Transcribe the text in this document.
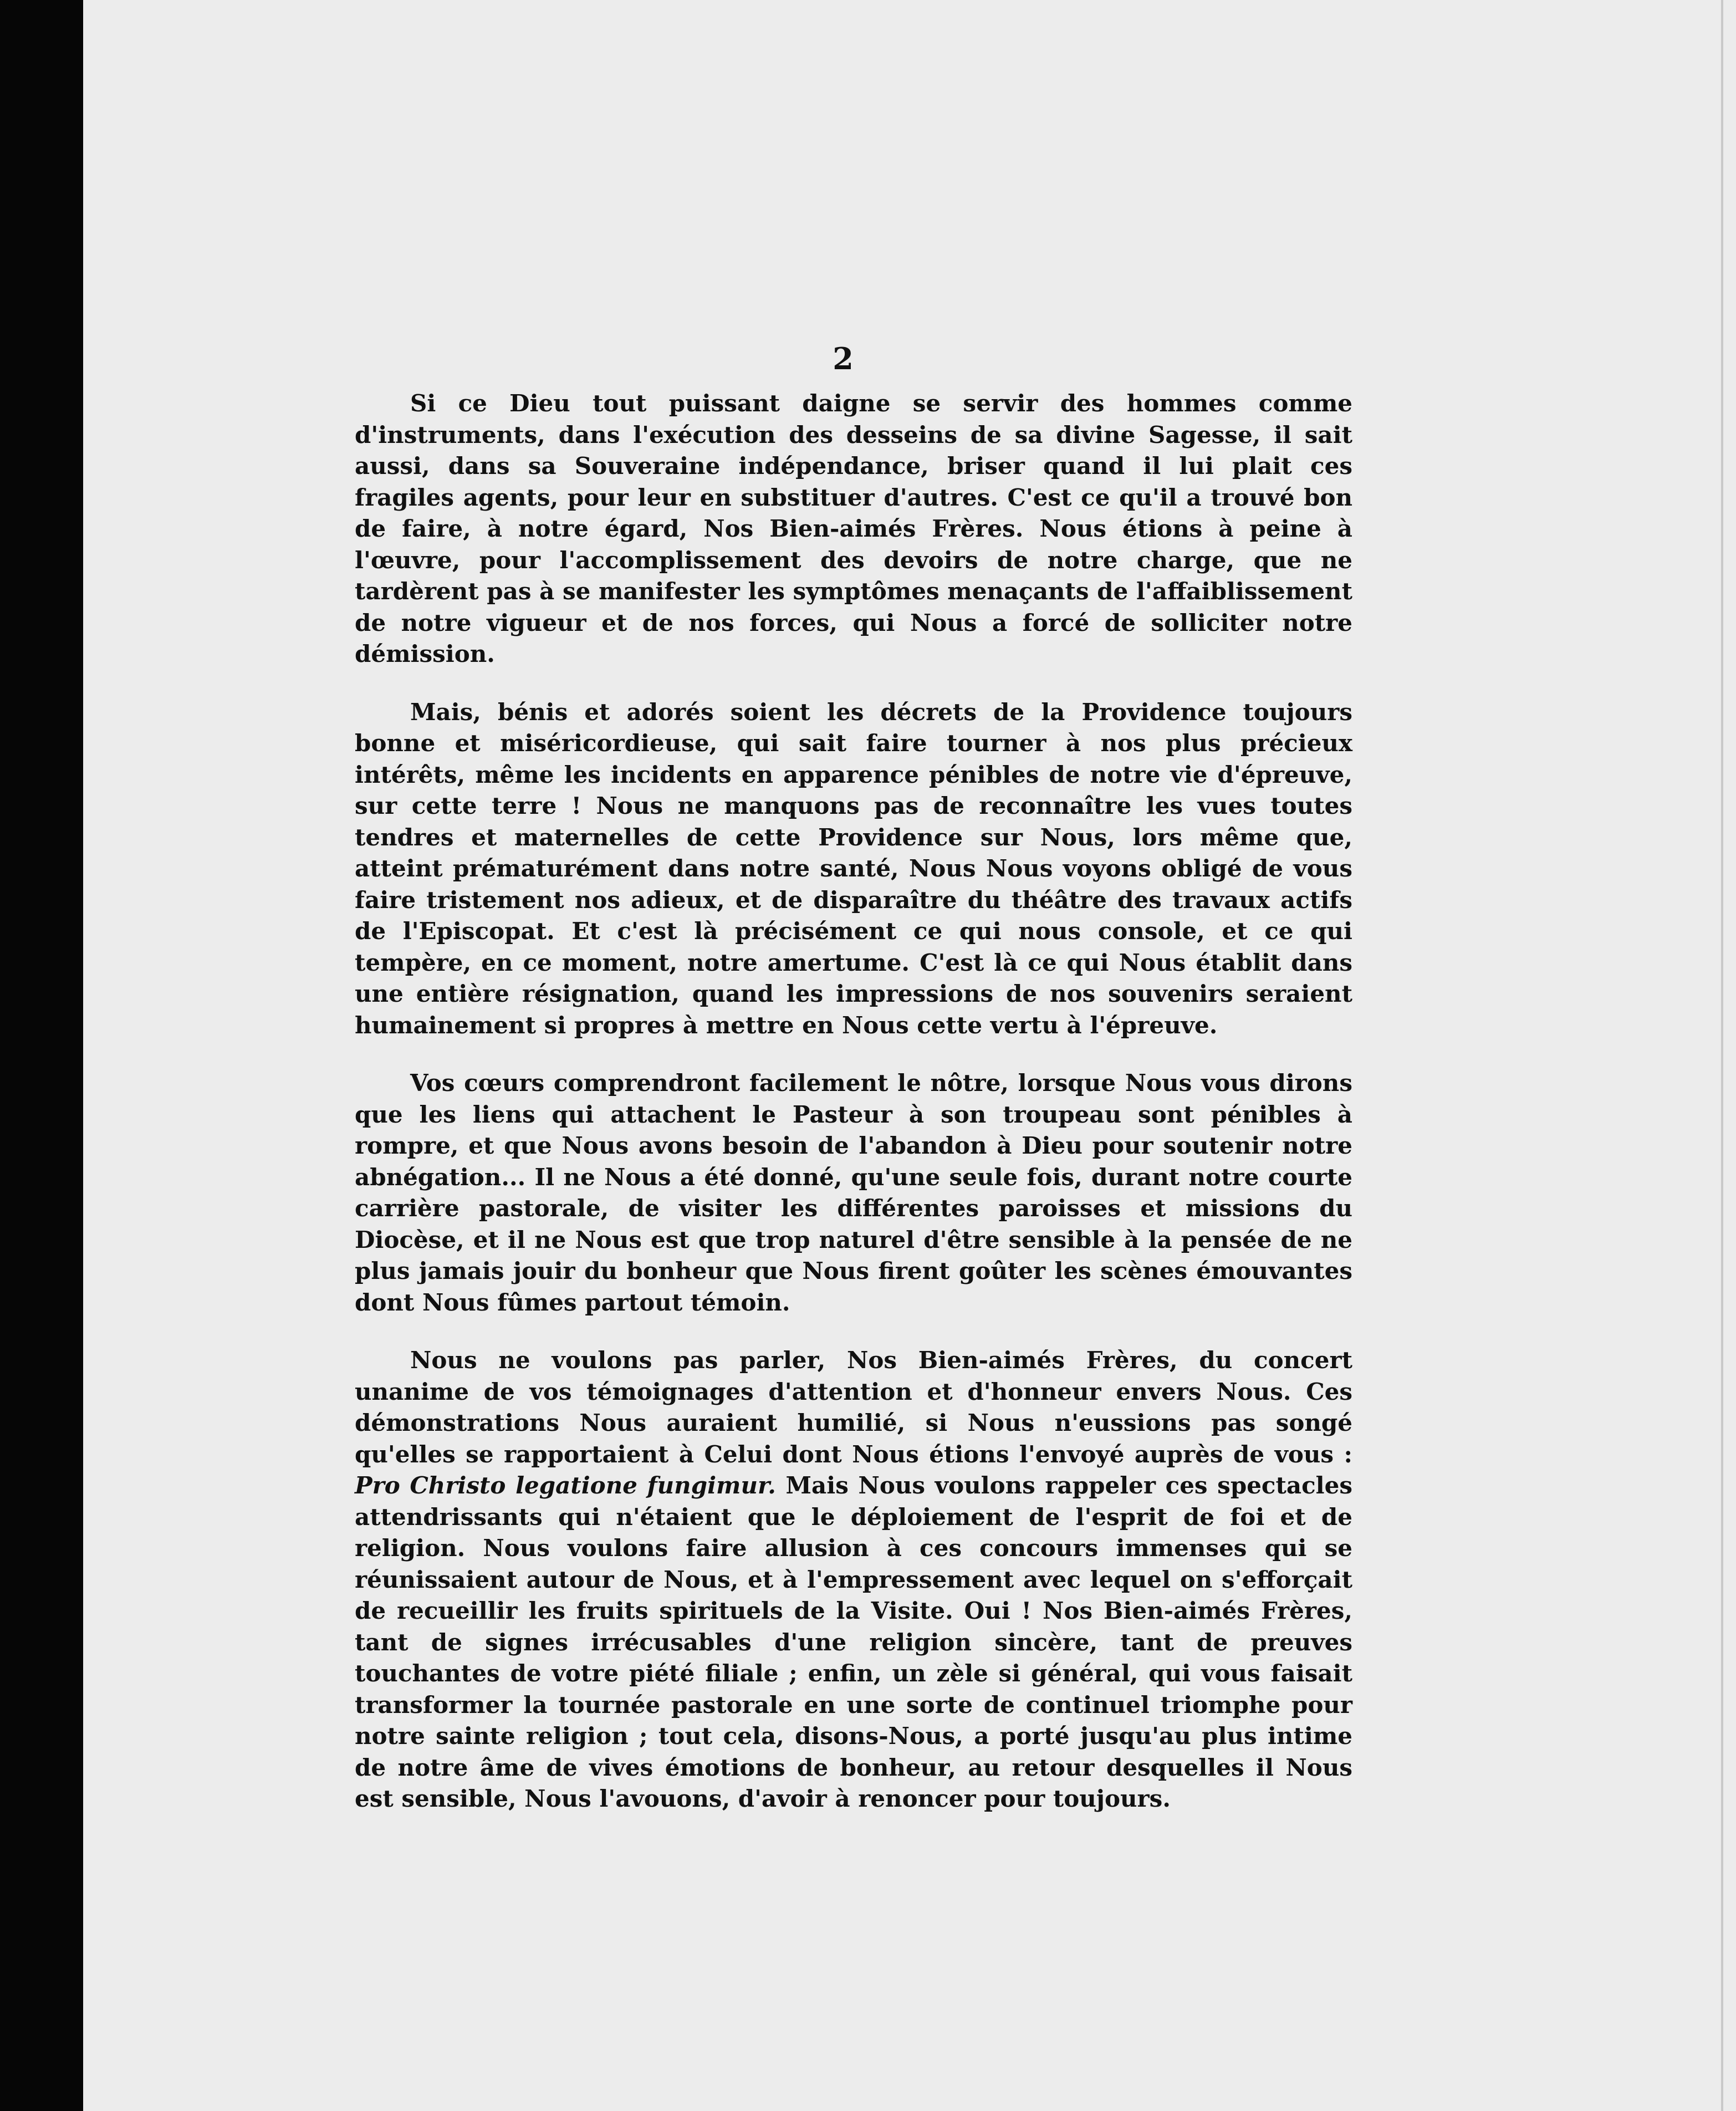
2

Si ce Dieu tout puissant daigne se servir des hommes comme d'instruments, dans l'exécution des desseins de sa divine Sagesse, il sait aussi, dans sa Souveraine indépendance, briser quand il lui plait ces fragiles agents, pour leur en substituer d'autres. C'est ce qu'il a trouvé bon de faire, à notre égard, Nos Bien-aimés Frères. Nous étions à peine à l'œuvre, pour l'accomplissement des devoirs de notre charge, que ne tardèrent pas à se manifester les symptômes menaçants de l'affaiblissement de notre vigueur et de nos forces, qui Nous a forcé de solliciter notre démission.

Mais, bénis et adorés soient les décrets de la Providence toujours bonne et miséricordieuse, qui sait faire tourner à nos plus précieux intérêts, même les incidents en apparence pénibles de notre vie d'épreuve, sur cette terre ! Nous ne manquons pas de reconnaître les vues toutes tendres et maternelles de cette Providence sur Nous, lors même que, atteint prématurément dans notre santé, Nous Nous voyons obligé de vous faire tristement nos adieux, et de disparaître du théâtre des travaux actifs de l'Episcopat. Et c'est là précisément ce qui nous console, et ce qui tempère, en ce moment, notre amertume. C'est là ce qui Nous établit dans une entière résignation, quand les impressions de nos souvenirs seraient humainement si propres à mettre en Nous cette vertu à l'épreuve.

Vos cœurs comprendront facilement le nôtre, lorsque Nous vous dirons que les liens qui attachent le Pasteur à son troupeau sont pénibles à rompre, et que Nous avons besoin de l'abandon à Dieu pour soutenir notre abnégation... Il ne Nous a été donné, qu'une seule fois, durant notre courte carrière pastorale, de visiter les différentes paroisses et missions du Diocèse, et il ne Nous est que trop naturel d'être sensible à la pensée de ne plus jamais jouir du bonheur que Nous firent goûter les scènes émouvantes dont Nous fûmes partout témoin.

Nous ne voulons pas parler, Nos Bien-aimés Frères, du concert unanime de vos témoignages d'attention et d'honneur envers Nous. Ces démonstrations Nous auraient humilié, si Nous n'eussions pas songé qu'elles se rapportaient à Celui dont Nous étions l'envoyé auprès de vous : Pro Christo legatione fungimur. Mais Nous voulons rappeler ces spectacles attendrissants qui n'étaient que le déploiement de l'esprit de foi et de religion. Nous voulons faire allusion à ces concours immenses qui se réunissaient autour de Nous, et à l'empressement avec lequel on s'efforçait de recueillir les fruits spirituels de la Visite. Oui ! Nos Bien-aimés Frères, tant de signes irrécusables d'une religion sincère, tant de preuves touchantes de votre piété filiale ; enfin, un zèle si général, qui vous faisait transformer la tournée pastorale en une sorte de continuel triomphe pour notre sainte religion ; tout cela, disons-Nous, a porté jusqu'au plus intime de notre âme de vives émotions de bonheur, au retour desquelles il Nous est sensible, Nous l'avouons, d'avoir à renoncer pour toujours.
